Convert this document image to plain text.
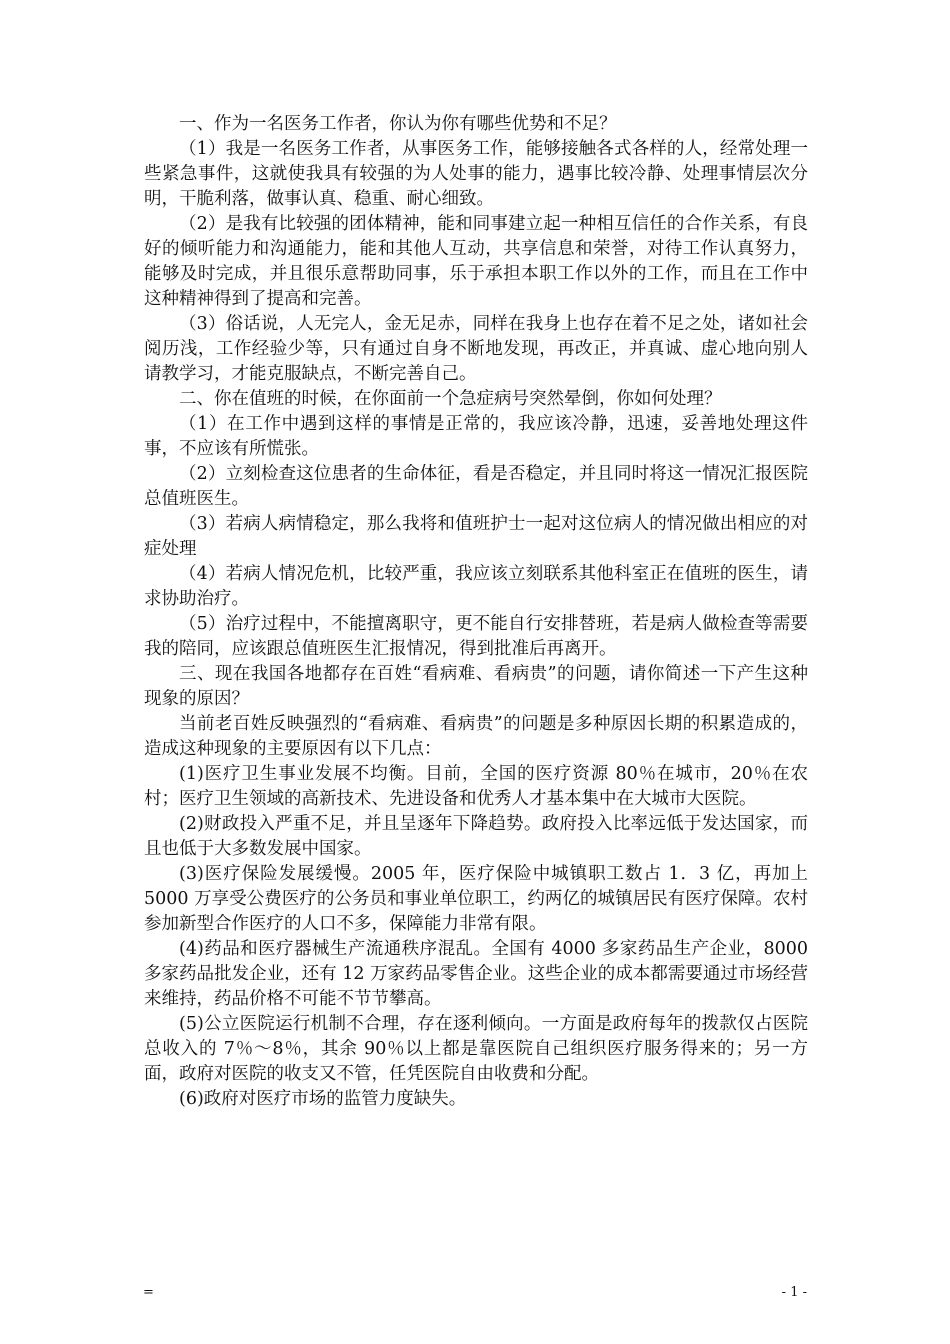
一、作为一名医务工作者，你认为你有哪些优势和不足？

（1）我是一名医务工作者，从事医务工作，能够接触各式各样的人，经常处理一些紧急事件，这就使我具有较强的为人处事的能力，遇事比较冷静、处理事情层次分明，干脆利落，做事认真、稳重、耐心细致。

（2）是我有比较强的团体精神，能和同事建立起一种相互信任的合作关系，有良好的倾听能力和沟通能力，能和其他人互动，共享信息和荣誉，对待工作认真努力，能够及时完成，并且很乐意帮助同事，乐于承担本职工作以外的工作，而且在工作中这种精神得到了提高和完善。

（3）俗话说，人无完人，金无足赤，同样在我身上也存在着不足之处，诸如社会阅历浅，工作经验少等，只有通过自身不断地发现，再改正，并真诚、虚心地向别人请教学习，才能克服缺点，不断完善自己。

二、你在值班的时候，在你面前一个急症病号突然晕倒，你如何处理？

（1）在工作中遇到这样的事情是正常的，我应该冷静，迅速，妥善地处理这件事，不应该有所慌张。

（2）立刻检查这位患者的生命体征，看是否稳定，并且同时将这一情况汇报医院总值班医生。

（3）若病人病情稳定，那么我将和值班护士一起对这位病人的情况做出相应的对症处理

（4）若病人情况危机，比较严重，我应该立刻联系其他科室正在值班的医生，请求协助治疗。

（5）治疗过程中，不能擅离职守，更不能自行安排替班，若是病人做检查等需要我的陪同，应该跟总值班医生汇报情况，得到批准后再离开。

三、现在我国各地都存在百姓“看病难、看病贵”的问题，请你简述一下产生这种现象的原因？

当前老百姓反映强烈的“看病难、看病贵”的问题是多种原因长期的积累造成的，造成这种现象的主要原因有以下几点：

(1)医疗卫生事业发展不均衡。目前，全国的医疗资源 80％在城市，20％在农村；医疗卫生领域的高新技术、先进设备和优秀人才基本集中在大城市大医院。

(2)财政投入严重不足，并且呈逐年下降趋势。政府投入比率远低于发达国家，而且也低于大多数发展中国家。

(3)医疗保险发展缓慢。2005 年，医疗保险中城镇职工数占 1．3 亿，再加上 5000 万享受公费医疗的公务员和事业单位职工，约两亿的城镇居民有医疗保障。农村参加新型合作医疗的人口不多，保障能力非常有限。

(4)药品和医疗器械生产流通秩序混乱。全国有 4000 多家药品生产企业，8000 多家药品批发企业，还有 12 万家药品零售企业。这些企业的成本都需要通过市场经营来维持，药品价格不可能不节节攀高。

(5)公立医院运行机制不合理，存在逐利倾向。一方面是政府每年的拨款仅占医院总收入的 7％～8％，其余 90％以上都是靠医院自己组织医疗服务得来的；另一方面，政府对医院的收支又不管，任凭医院自由收费和分配。

(6)政府对医疗市场的监管力度缺失。

=	- 1 -
